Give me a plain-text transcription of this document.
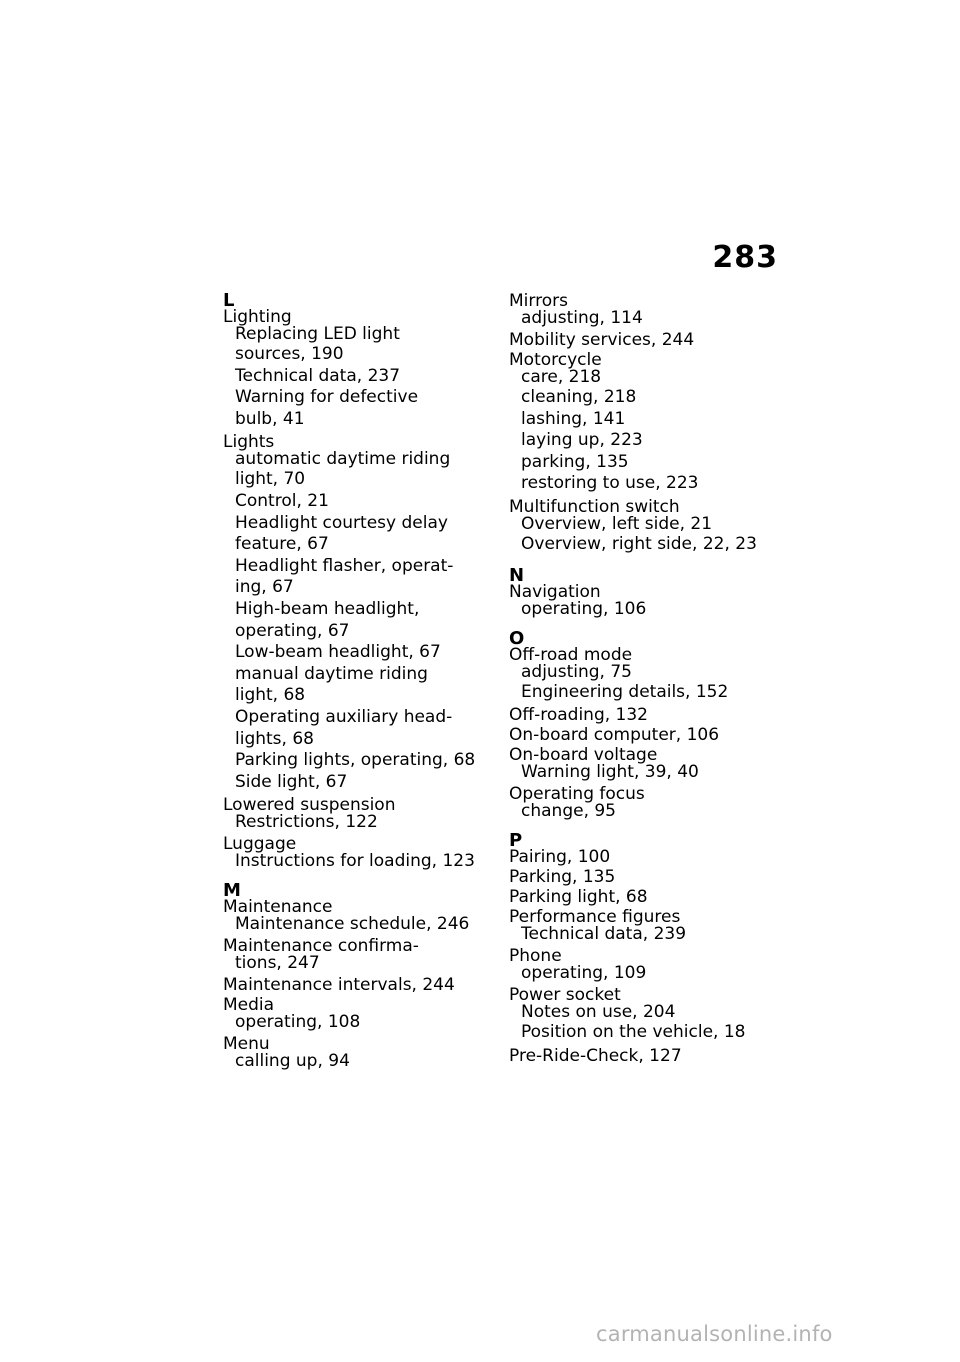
283
L
Lighting
Replacing LED light
sources, 190
Technical data, 237
Warning for defective
bulb, 41
Lights
automatic daytime riding
light, 70
Control, 21
Headlight courtesy delay
feature, 67
Headlight flasher, operat-
ing, 67
High-beam headlight,
operating, 67
Low-beam headlight, 67
manual daytime riding
light, 68
Operating auxiliary head-
lights, 68
Parking lights, operating, 68
Side light, 67
Lowered suspension
Restrictions, 122
Luggage
Instructions for loading, 123
M
Maintenance
Maintenance schedule, 246
Maintenance confirma-
tions, 247
Maintenance intervals, 244
Media
operating, 108
Menu
calling up, 94
Mirrors
adjusting, 114
Mobility services, 244
Motorcycle
care, 218
cleaning, 218
lashing, 141
laying up, 223
parking, 135
restoring to use, 223
Multifunction switch
Overview, left side, 21
Overview, right side, 22, 23
N
Navigation
operating, 106
O
Off-road mode
adjusting, 75
Engineering details, 152
Off-roading, 132
On-board computer, 106
On-board voltage
Warning light, 39, 40
Operating focus
change, 95
P
Pairing, 100
Parking, 135
Parking light, 68
Performance figures
Technical data, 239
Phone
operating, 109
Power socket
Notes on use, 204
Position on the vehicle, 18
Pre-Ride-Check, 127
carmanualsonline.info
